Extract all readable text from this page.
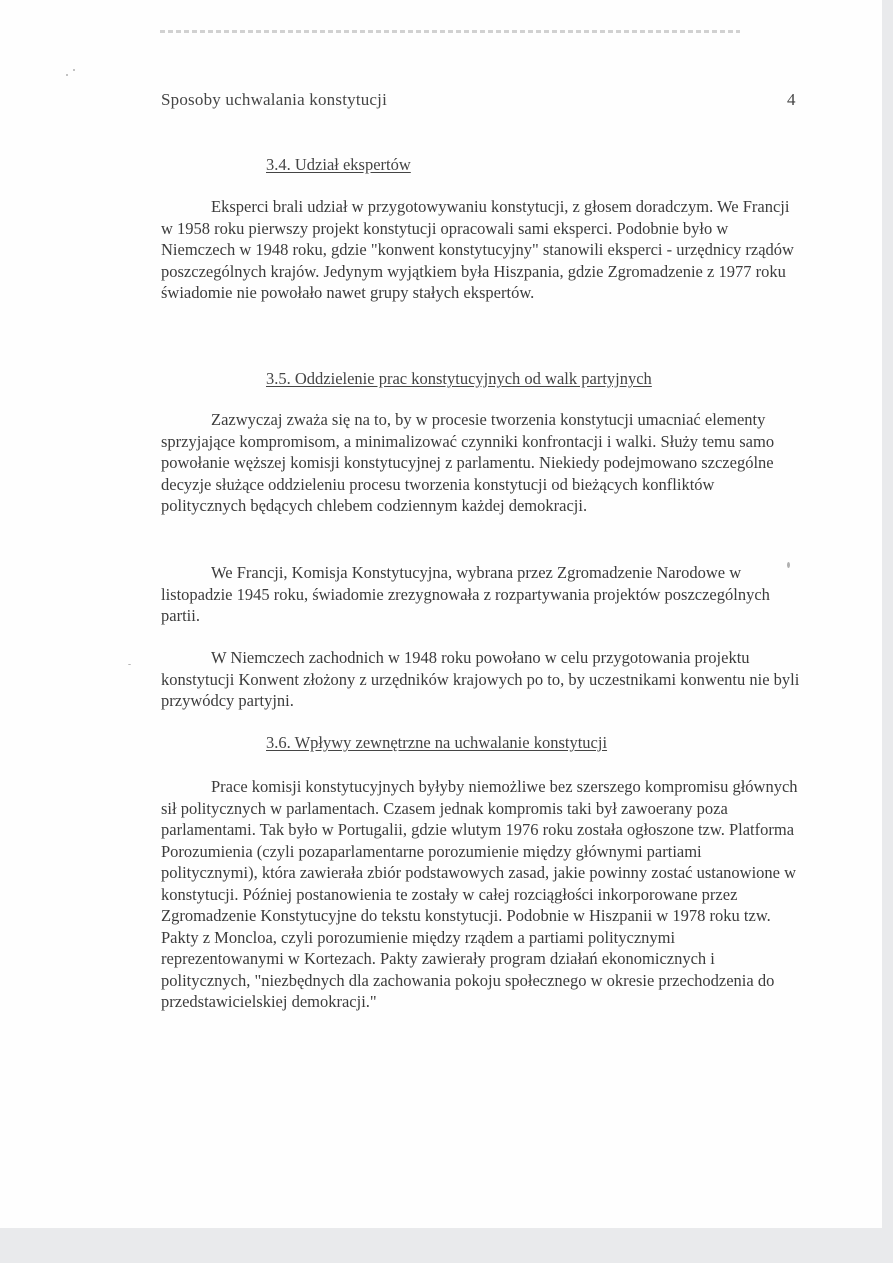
Sposoby uchwalania konstytucji	4
3.4. Udział ekspertów

Eksperci brali udział w przygotowywaniu konstytucji, z głosem doradczym. We Francji w 1958 roku pierwszy projekt konstytucji opracowali sami eksperci. Podobnie było w Niemczech w 1948 roku, gdzie "konwent konstytucyjny" stanowili eksperci - urzędnicy rządów poszczególnych krajów. Jedynym wyjątkiem była Hiszpania, gdzie Zgromadzenie z 1977 roku świadomie nie powołało nawet grupy stałych ekspertów.

3.5. Oddzielenie prac konstytucyjnych od walk partyjnych

Zazwyczaj zważa się na to, by w procesie tworzenia konstytucji umacniać elementy sprzyjające kompromisom, a minimalizować czynniki konfrontacji i walki. Służy temu samo powołanie węższej komisji konstytucyjnej z parlamentu. Niekiedy podejmowano szczególne decyzje służące oddzieleniu procesu tworzenia konstytucji od bieżących konfliktów politycznych będących chlebem codziennym każdej demokracji.

We Francji, Komisja Konstytucyjna, wybrana przez Zgromadzenie Narodowe w listopadzie 1945 roku, świadomie zrezygnowała z rozpartywania projektów poszczególnych partii.

W Niemczech zachodnich w 1948 roku powołano w celu przygotowania projektu konstytucji Konwent złożony z urzędników krajowych po to, by uczestnikami konwentu nie byli przywódcy partyjni.

3.6. Wpływy zewnętrzne na uchwalanie konstytucji

Prace komisji konstytucyjnych byłyby niemożliwe bez szerszego kompromisu głównych sił politycznych w parlamentach. Czasem jednak kompromis taki był zawoerany poza parlamentami. Tak było w Portugalii, gdzie wlutym 1976 roku została ogłoszone tzw. Platforma Porozumienia (czyli pozaparlamentarne porozumienie między głównymi partiami politycznymi), która zawierała zbiór podstawowych zasad, jakie powinny zostać ustanowione w konstytucji. Później postanowienia te zostały w całej rozciągłości inkorporowane przez Zgromadzenie Konstytucyjne do tekstu konstytucji. Podobnie w Hiszpanii w 1978 roku tzw. Pakty z Moncloa, czyli porozumienie między rządem a partiami politycznymi reprezentowanymi w Kortezach. Pakty zawierały program działań ekonomicznych i politycznych, "niezbędnych dla zachowania pokoju społecznego w okresie przechodzenia do przedstawicielskiej demokracji."
